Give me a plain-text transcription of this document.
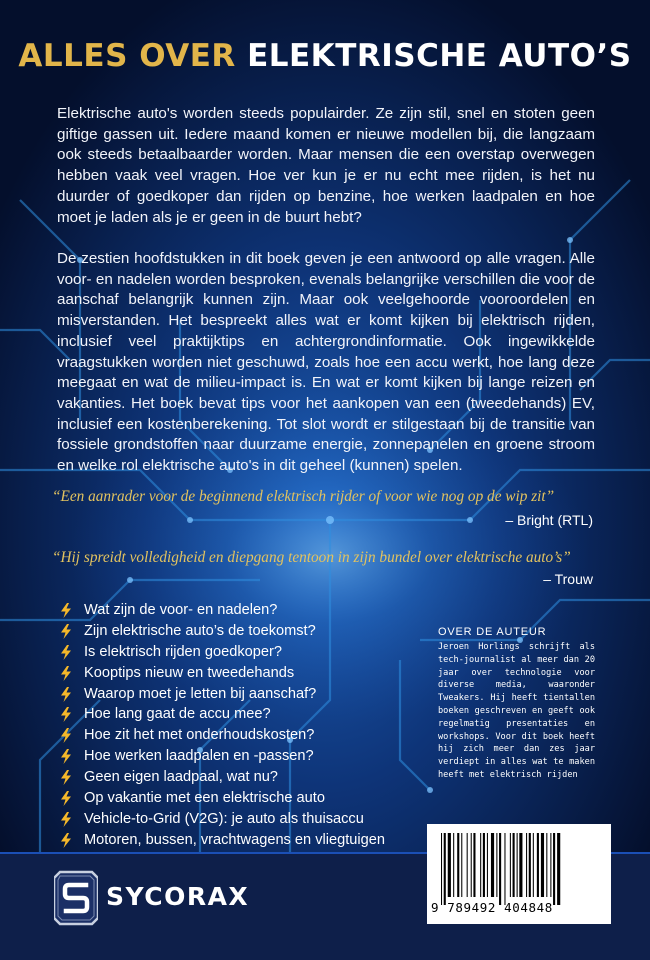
ALLES OVER ELEKTRISCHE AUTO’S
Elektrische auto's worden steeds populairder. Ze zijn stil, snel en stoten geen giftige gassen uit. Iedere maand komen er nieuwe modellen bij, die langzaam ook steeds betaalbaarder worden. Maar mensen die een overstap overwegen hebben vaak veel vragen. Hoe ver kun je er nu echt mee rijden, is het nu duurder of goedkoper dan rijden op benzine, hoe werken laadpalen en hoe moet je laden als je er geen in de buurt hebt?
De zestien hoofdstukken in dit boek geven je een antwoord op alle vragen. Alle voor- en nadelen worden besproken, evenals belangrijke verschillen die voor de aanschaf belangrijk kunnen zijn. Maar ook veelgehoorde vooroordelen en misverstanden. Het bespreekt alles wat er komt kijken bij elektrisch rijden, inclusief veel praktijktips en achtergrondinformatie. Ook ingewikkelde vraagstukken worden niet geschuwd, zoals hoe een accu werkt, hoe lang deze meegaat en wat de milieu-impact is. En wat er komt kijken bij lange reizen en vakanties. Het boek bevat tips voor het aankopen van een (tweedehands) EV, inclusief een kostenberekening. Tot slot wordt er stilgestaan bij de transitie van fossiele grondstoffen naar duurzame energie, zonnepanelen en groene stroom en welke rol elektrische auto's in dit geheel (kunnen) spelen.
“Een aanrader voor de beginnend elektrisch rijder of voor wie nog op de wip zit”
– Bright (RTL)
“Hij spreidt volledigheid en diepgang tentoon in zijn bundel over elektrische auto’s”
– Trouw
Wat zijn de voor- en nadelen?
Zijn elektrische auto’s de toekomst?
Is elektrisch rijden goedkoper?
Kooptips nieuw en tweedehands
Waarop moet je letten bij aanschaf?
Hoe lang gaat de accu mee?
Hoe zit het met onderhoudskosten?
Hoe werken laadpalen en -passen?
Geen eigen laadpaal, wat nu?
Op vakantie met een elektrische auto
Vehicle-to-Grid (V2G): je auto als thuisaccu
Motoren, bussen, vrachtwagens en vliegtuigen
OVER DE AUTEUR

Jeroen Horlings schrijft als tech-journalist al meer dan 20 jaar over technologie voor diverse media, waaronder Tweakers. Hij heeft tientallen boeken geschreven en geeft ook regelmatig presentaties en workshops. Voor dit boek heeft hij zich meer dan zes jaar verdiept in alles wat te maken heeft met elektrisch rijden

SYCORAX	9 789492 404848
